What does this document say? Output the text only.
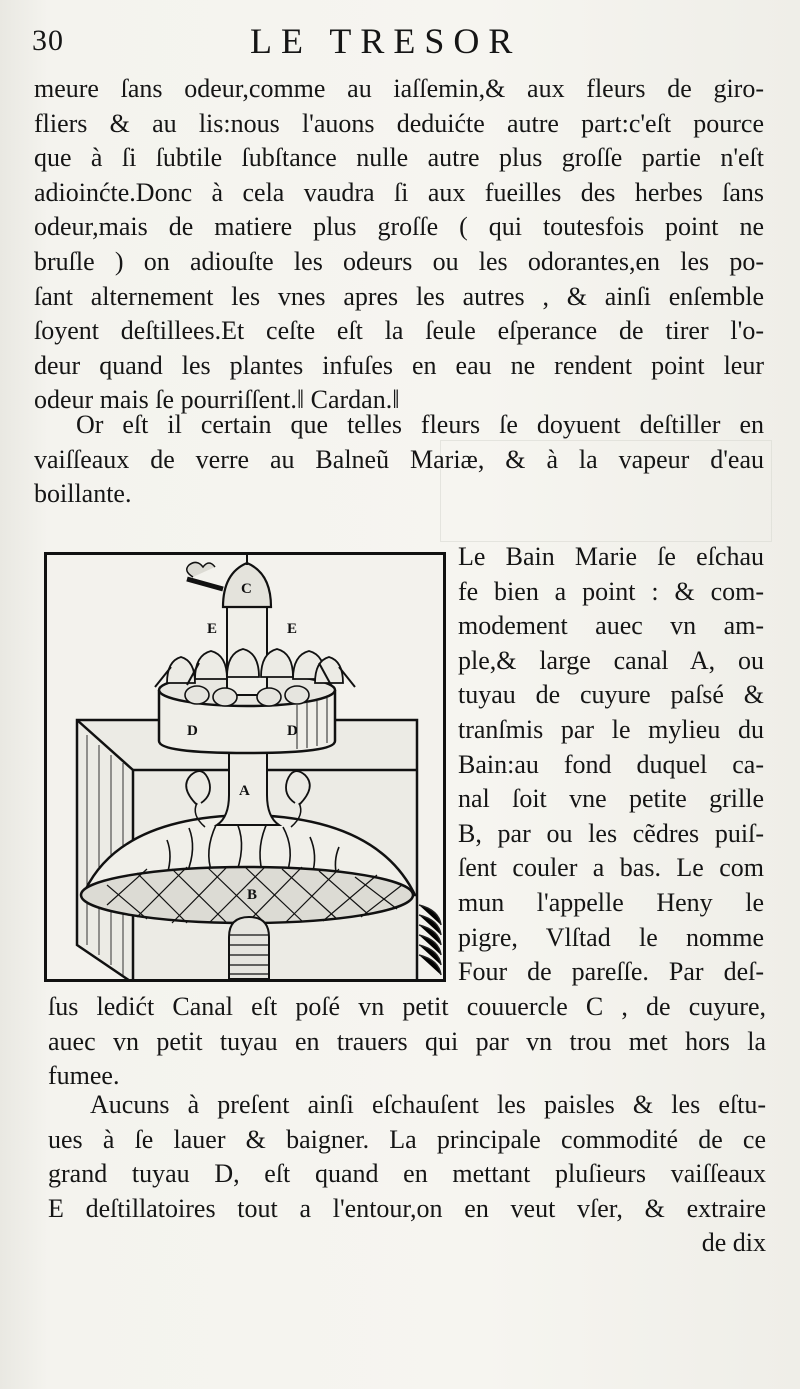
30	LE TRESOR
meure ſans odeur,comme au iaſſemin,& aux fleurs de giro-
fliers & au lis:nous l'auons deduićte autre part:c'eſt pource
que à ſi ſubtile ſubſtance nulle autre plus groſſe partie n'eſt
adioinćte.Donc à cela vaudra ſi aux fueilles des herbes ſans
odeur,mais de matiere plus groſſe ( qui toutesfois point ne
bruſle ) on adiouſte les odeurs ou les odorantes,en les po-
ſant alternement les vnes apres les autres , & ainſi enſemble
ſoyent deſtillees.Et ceſte eſt la ſeule eſperance de tirer l'o-
deur quand les plantes infuſes en eau ne rendent point leur
odeur mais ſe pourriſſent.‖ Cardan.‖
Or eſt il certain que telles fleurs ſe doyuent deſtiller en
vaiſſeaux de verre au Balneũ Mariæ, & à la vapeur d'eau
boillante.
C
E	E
D	D
A
B
Le Bain Marie ſe eſchau
fe bien a point : & com-
modement auec vn am-
ple,& large canal A, ou
tuyau de cuyure paſsé &
tranſmis par le mylieu du
Bain:au fond duquel ca-
nal ſoit vne petite grille
B, par ou les cẽdres puiſ-
ſent couler a bas. Le com
mun l'appelle Heny le
pigre, Vlſtad le nomme
Four de pareſſe. Par deſ-
ſus ledićt Canal eſt poſé vn petit couuercle C , de cuyure,
auec vn petit tuyau en trauers qui par vn trou met hors la
fumee.
Aucuns à preſent ainſi eſchauſent les paisles & les eſtu-
ues à ſe lauer & baigner. La principale commodité de ce
grand tuyau D, eſt quand en mettant pluſieurs vaiſſeaux
E deſtillatoires tout a l'entour,on en veut vſer, & extraire
de dix
